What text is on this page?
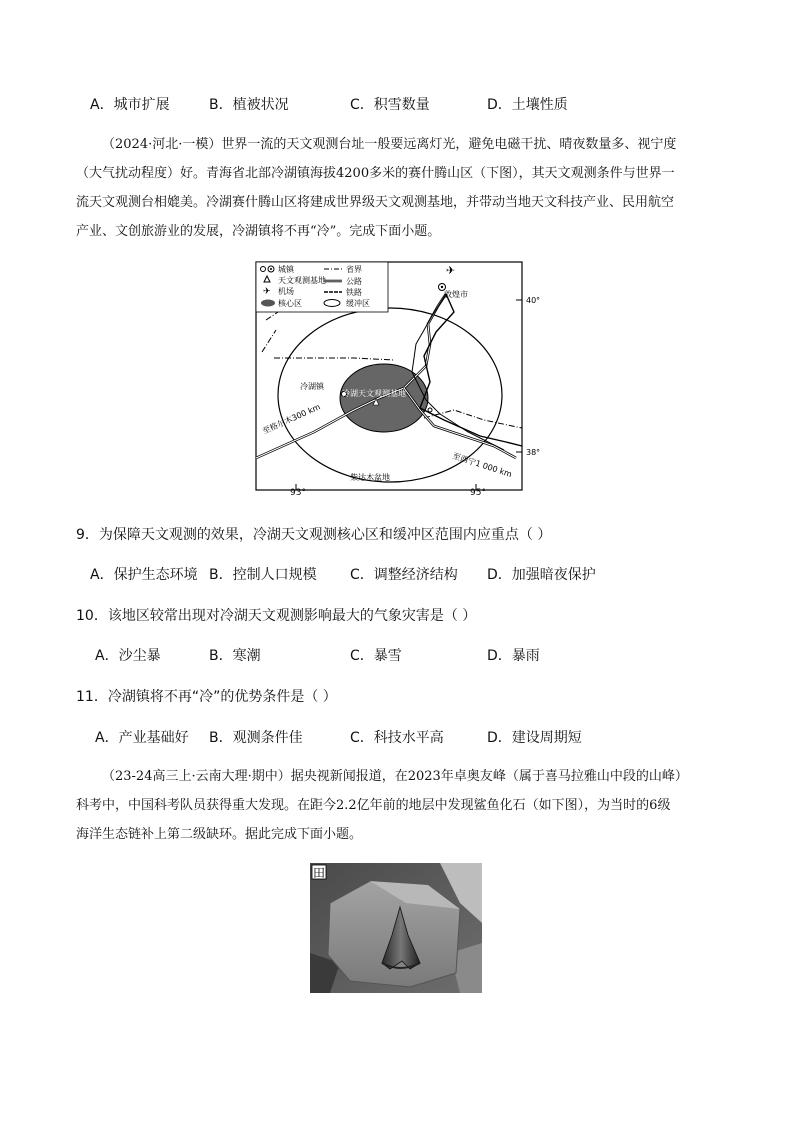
A．城市扩展	B．植被状况	C．积雪数量	D．土壤性质

（2024·河北·一模）世界一流的天文观测台址一般要远离灯光，避免电磁干扰、晴夜数量多、视宁度

（大气扰动程度）好。青海省北部冷湖镇海拔4200多米的赛什腾山区（下图），其天文观测条件与世界一

流天文观测台相媲美。冷湖赛什腾山区将建成世界级天文观测基地，并带动当地天文科技产业、民用航空

产业、文创旅游业的发展，冷湖镇将不再“冷”。完成下面小题。

城镇
天文观测基地
✈ 机场
核心区
省界
公路
铁路
缓冲区
✈
敦煌市
冷湖镇
冷湖天文观测基地
至格尔木300 km
至西宁1 000 km
柴达木盆地
40°
38°
93°	95°
9．为保障天文观测的效果，冷湖天文观测核心区和缓冲区范围内应重点（ ）
A．保护生态环境 B．控制人口规模 C．调整经济结构 D．加强暗夜保护
10．该地区较常出现对冷湖天文观测影响最大的气象灾害是（ ）
A．沙尘暴	B．寒潮	C．暴雪	D．暴雨
11．冷湖镇将不再“冷”的优势条件是（ ）
A．产业基础好 B．观测条件佳	C．科技水平高	D．建设周期短

（23-24高三上·云南大理·期中）据央视新闻报道，在2023年卓奥友峰（属于喜马拉雅山中段的山峰）

科考中，中国科考队员获得重大发现。在距今2.2亿年前的地层中发现鲨鱼化石（如下图），为当时的6级

海洋生态链补上第二级缺环。据此完成下面小题。

田
